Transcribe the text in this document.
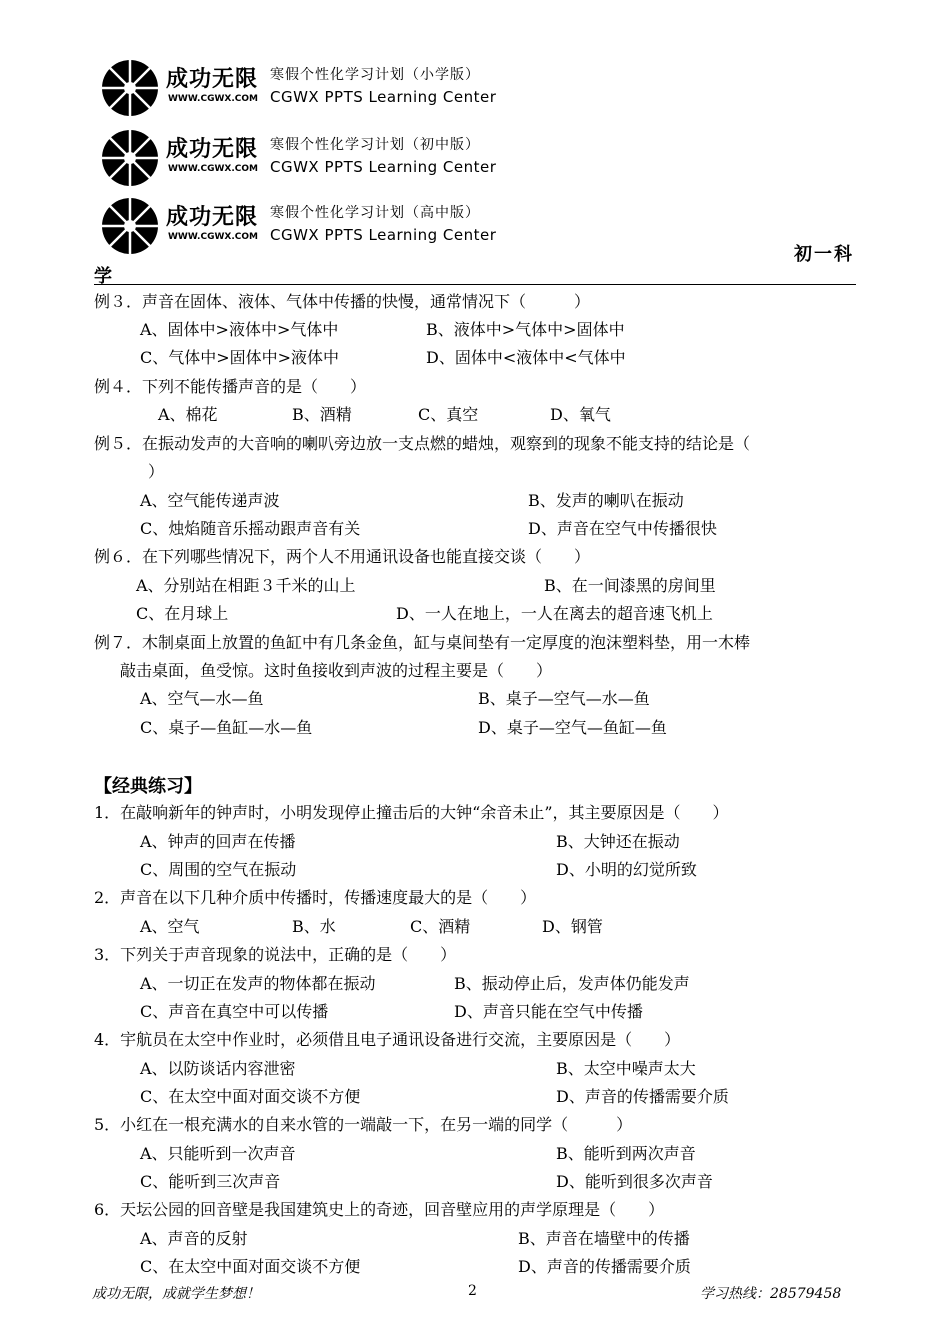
成功无限
WWW.CGWX.COM
寒假个性化学习计划（小学版）
CGWX PPTS Learning Center
成功无限
WWW.CGWX.COM
寒假个性化学习计划（初中版）
CGWX PPTS Learning Center
成功无限
WWW.CGWX.COM
寒假个性化学习计划（高中版）
CGWX PPTS Learning Center
初一科
学
例３．声音在固体、液体、气体中传播的快慢，通常情况下（　　　）
A、固体中>液体中>气体中	B、液体中>气体中>固体中
C、气体中>固体中>液体中	D、固体中<液体中<气体中
例４．下列不能传播声音的是（　　）
A、棉花	B、酒精	C、真空	D、氧气
例５．在振动发声的大音响的喇叭旁边放一支点燃的蜡烛，观察到的现象不能支持的结论是（
）
A、空气能传递声波	B、发声的喇叭在振动
C、烛焰随音乐摇动跟声音有关	D、声音在空气中传播很快
例６．在下列哪些情况下，两个人不用通讯设备也能直接交谈（　　）
A、分别站在相距３千米的山上	B、在一间漆黑的房间里
C、在月球上	D、一人在地上，一人在离去的超音速飞机上
例７．木制桌面上放置的鱼缸中有几条金鱼，缸与桌间垫有一定厚度的泡沫塑料垫，用一木棒
敲击桌面，鱼受惊。这时鱼接收到声波的过程主要是（　　）
A、空气—水—鱼	B、桌子—空气—水—鱼
C、桌子—鱼缸—水—鱼	D、桌子—空气—鱼缸—鱼
【经典练习】
1．在敲响新年的钟声时，小明发现停止撞击后的大钟“余音未止”，其主要原因是（　　）
A、钟声的回声在传播	B、大钟还在振动
C、周围的空气在振动	D、小明的幻觉所致
2．声音在以下几种介质中传播时，传播速度最大的是（　　）
A、空气	B、水	C、酒精	D、钢管
3．下列关于声音现象的说法中，正确的是（　　）
A、一切正在发声的物体都在振动	B、振动停止后，发声体仍能发声
C、声音在真空中可以传播	D、声音只能在空气中传播
4．宇航员在太空中作业时，必须借且电子通讯设备进行交流，主要原因是（　　）
A、以防谈话内容泄密	B、太空中噪声太大
C、在太空中面对面交谈不方便	D、声音的传播需要介质
5．小红在一根充满水的自来水管的一端敲一下，在另一端的同学（　　　）
A、只能听到一次声音	B、能听到两次声音
C、能听到三次声音	D、能听到很多次声音
6．天坛公园的回音壁是我国建筑史上的奇迹，回音壁应用的声学原理是（　　）
A、声音的反射	B、声音在墙壁中的传播
C、在太空中面对面交谈不方便	D、声音的传播需要介质
成功无限，成就学生梦想！	2	学习热线：28579458
